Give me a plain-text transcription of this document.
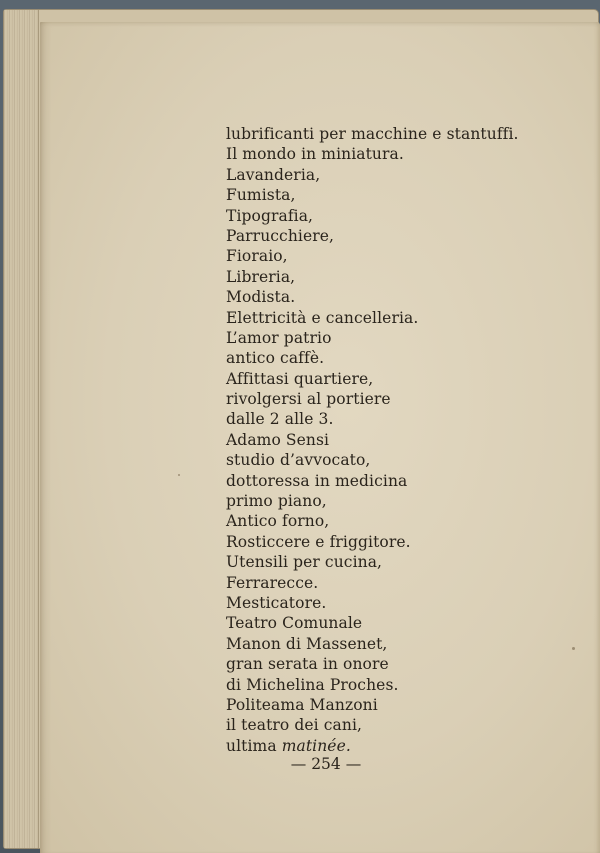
lubrificanti per macchine e stantuffi.
Il mondo in miniatura.
Lavanderia,
Fumista,
Tipografia,
Parrucchiere,
Fioraio,
Libreria,
Modista.
Elettricità e cancelleria.
L’amor patrio
antico caffè.
Affittasi quartiere,
rivolgersi al portiere
dalle 2 alle 3.
Adamo Sensi
studio d’avvocato,
dottoressa in medicina
primo piano,
Antico forno,
Rosticcere e friggitore.
Utensili per cucina,
Ferrarecce.
Mesticatore.
Teatro Comunale
Manon di Massenet,
gran serata in onore
di Michelina Proches.
Politeama Manzoni
il teatro dei cani,
ultima matinée.
— 254 —
